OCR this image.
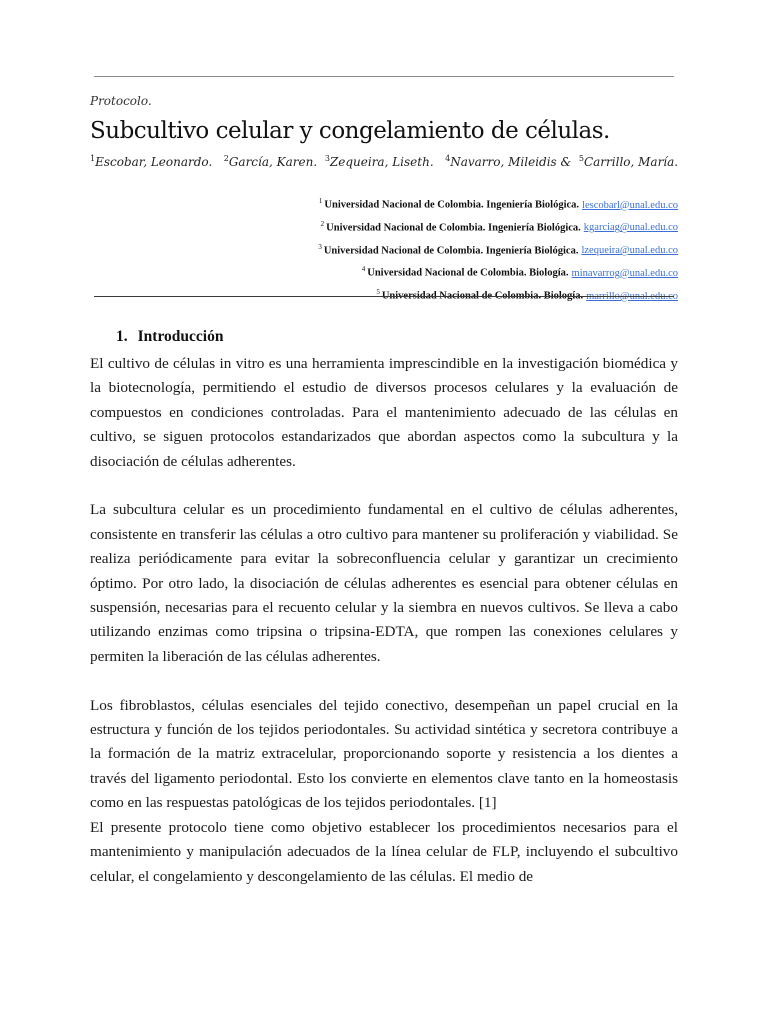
Protocolo.
Subcultivo celular y congelamiento de células.
$^1$Escobar, Leonardo. $^2$García, Karen. $^3$Zequeira, Liseth. $^4$Navarro, Mileidis &  $^5$Carrillo, María.
$^1$ Universidad Nacional de Colombia. Ingeniería Biológica. lescobarl@unal.edu.co
$^2$ Universidad Nacional de Colombia. Ingeniería Biológica. kgarciag@unal.edu.co
$^3$ Universidad Nacional de Colombia. Ingeniería Biológica. lzequeira@unal.edu.co
$^4$ Universidad Nacional de Colombia. Biología. minavarrog@unal.edu.co
$^5$ Universidad Nacional de Colombia. Biología. marrillo@unal.edu.co
1. Introducción

El cultivo de células in vitro es una herramienta imprescindible en la investigación biomédica y la biotecnología, permitiendo el estudio de diversos procesos celulares y la evaluación de compuestos en condiciones controladas. Para el mantenimiento adecuado de las células en cultivo, se siguen protocolos estandarizados que abordan aspectos como la subcultura y la disociación de células adherentes.

La subcultura celular es un procedimiento fundamental en el cultivo de células adherentes, consistente en transferir las células a otro cultivo para mantener su proliferación y viabilidad. Se realiza periódicamente para evitar la sobreconfluencia celular y garantizar un crecimiento óptimo. Por otro lado, la disociación de células adherentes es esencial para obtener células en suspensión, necesarias para el recuento celular y la siembra en nuevos cultivos. Se lleva a cabo utilizando enzimas como tripsina o tripsina-EDTA, que rompen las conexiones celulares y permiten la liberación de las células adherentes.

Los fibroblastos, células esenciales del tejido conectivo, desempeñan un papel crucial en la estructura y función de los tejidos periodontales. Su actividad sintética y secretora contribuye a la formación de la matriz extracelular, proporcionando soporte y resistencia a los dientes a través del ligamento periodontal. Esto los convierte en elementos clave tanto en la homeostasis como en las respuestas patológicas de los tejidos periodontales. [1]

El presente protocolo tiene como objetivo establecer los procedimientos necesarios para el mantenimiento y manipulación adecuados de la línea celular de FLP, incluyendo el subcultivo celular, el congelamiento y descongelamiento de las células. El medio de
